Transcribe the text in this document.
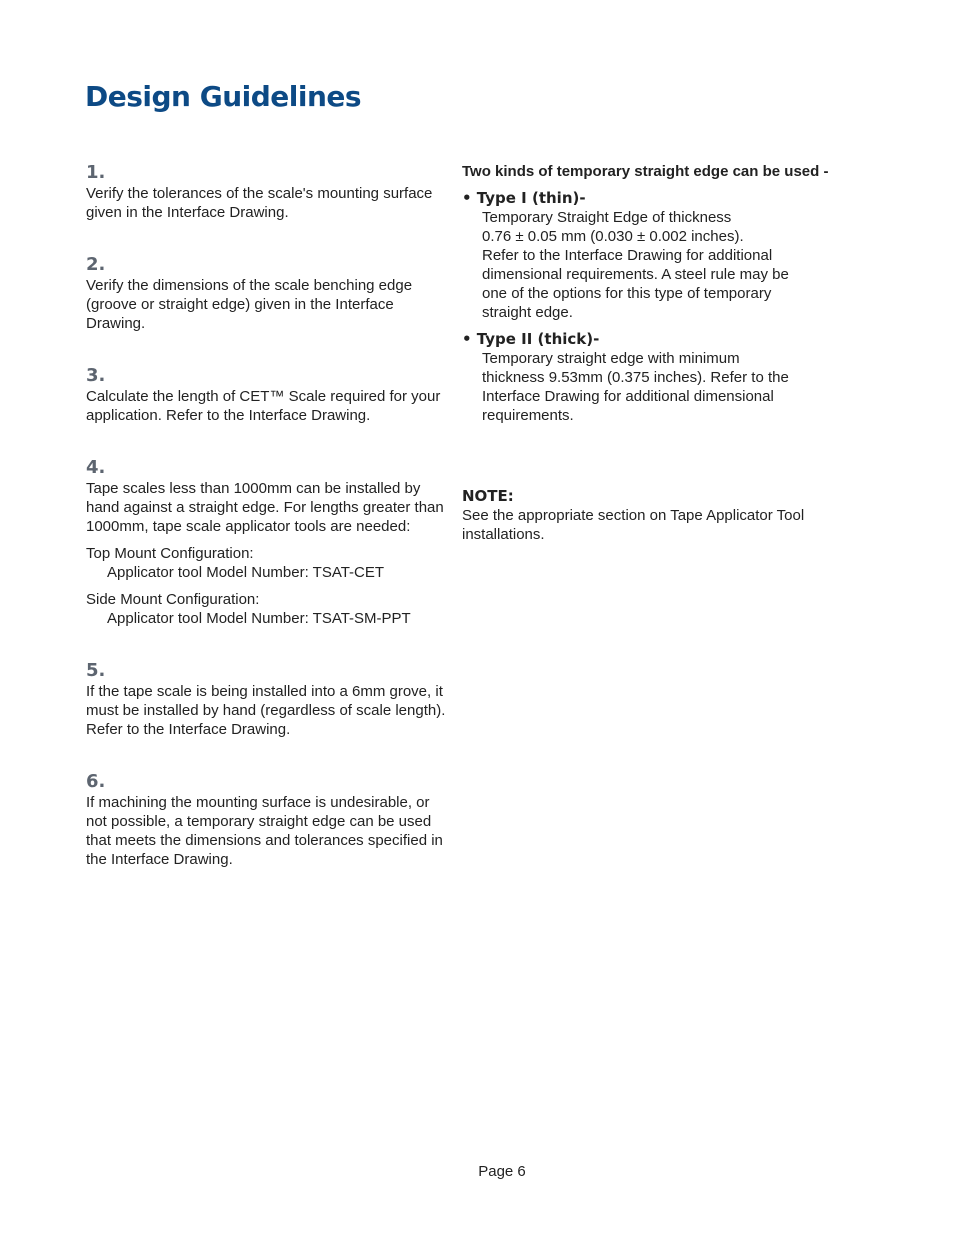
Design Guidelines

1.

Verify the tolerances of the scale's mounting surface given in the Interface Drawing.

2.

Verify the dimensions of the scale benching edge (groove or straight edge) given in the Interface Drawing.

3.

Calculate the length of CET™ Scale required for your application. Refer to the Interface Drawing.

4.

Tape scales less than 1000mm can be installed by hand against a straight edge. For lengths greater than 1000mm, tape scale applicator tools are needed:

Top Mount Configuration:

Applicator tool Model Number: TSAT-CET

Side Mount Configuration:

Applicator tool Model Number: TSAT-SM-PPT

5.

If the tape scale is being installed into a 6mm grove, it must be installed by hand (regardless of scale length). Refer to the Interface Drawing.

6.

If machining the mounting surface is undesirable, or not possible, a temporary straight edge can be used that meets the dimensions and tolerances specified in the Interface Drawing.

Two kinds of temporary straight edge can be used -

• Type I (thin)-

Temporary Straight Edge of thickness
0.76 ± 0.05 mm (0.030 ± 0.002 inches).
Refer to the Interface Drawing for additional
dimensional requirements. A steel rule may be
one of the options for this type of temporary
straight edge.

• Type II (thick)-

Temporary straight edge with minimum
thickness 9.53mm (0.375 inches). Refer to the
Interface Drawing for additional dimensional
requirements.

NOTE:

See the appropriate section on Tape Applicator Tool installations.

Page 6
